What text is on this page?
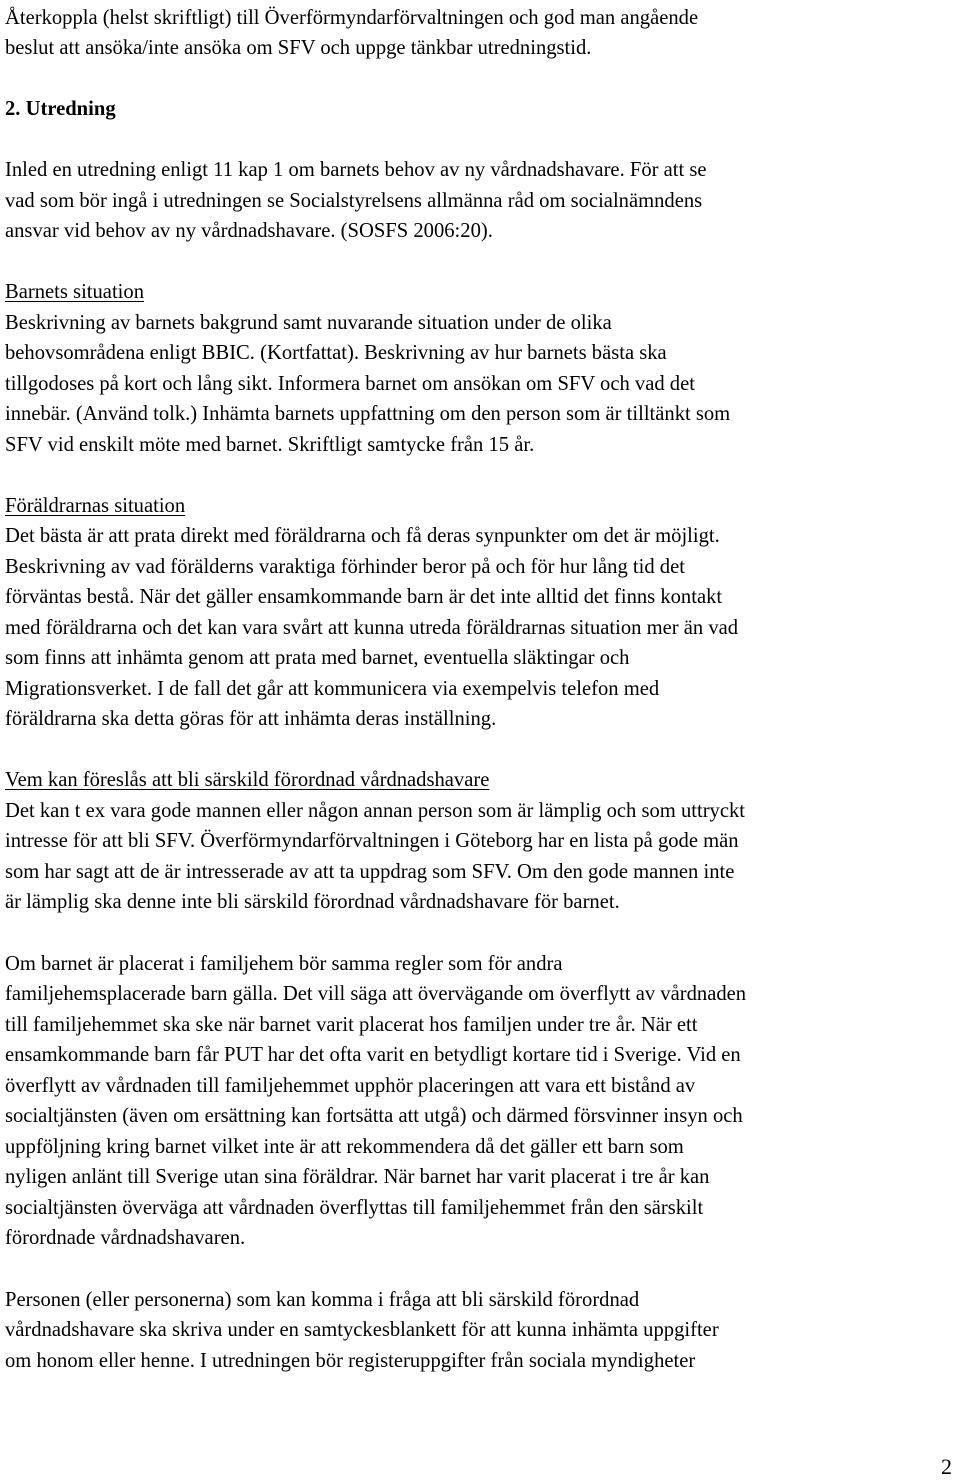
Återkoppla (helst skriftligt) till Överförmyndarförvaltningen och god man angående
beslut att ansöka/inte ansöka om SFV och uppge tänkbar utredningstid.
2. Utredning
Inled en utredning enligt 11 kap 1 om barnets behov av ny vårdnadshavare. För att se
vad som bör ingå i utredningen se Socialstyrelsens allmänna råd om socialnämndens
ansvar vid behov av ny vårdnadshavare. (SOSFS 2006:20).
Barnets situation
Beskrivning av barnets bakgrund samt nuvarande situation under de olika
behovsområdena enligt BBIC. (Kortfattat). Beskrivning av hur barnets bästa ska
tillgodoses på kort och lång sikt. Informera barnet om ansökan om SFV och vad det
innebär. (Använd tolk.) Inhämta barnets uppfattning om den person som är tilltänkt som
SFV vid enskilt möte med barnet. Skriftligt samtycke från 15 år.
Föräldrarnas situation
Det bästa är att prata direkt med föräldrarna och få deras synpunkter om det är möjligt.
Beskrivning av vad förälderns varaktiga förhinder beror på och för hur lång tid det
förväntas bestå. När det gäller ensamkommande barn är det inte alltid det finns kontakt
med föräldrarna och det kan vara svårt att kunna utreda föräldrarnas situation mer än vad
som finns att inhämta genom att prata med barnet, eventuella släktingar och
Migrationsverket. I de fall det går att kommunicera via exempelvis telefon med
föräldrarna ska detta göras för att inhämta deras inställning.
Vem kan föreslås att bli särskild förordnad vårdnadshavare
Det kan t ex vara gode mannen eller någon annan person som är lämplig och som uttryckt
intresse för att bli SFV. Överförmyndarförvaltningen i Göteborg har en lista på gode män
som har sagt att de är intresserade av att ta uppdrag som SFV. Om den gode mannen inte
är lämplig ska denne inte bli särskild förordnad vårdnadshavare för barnet.
Om barnet är placerat i familjehem bör samma regler som för andra
familjehemsplacerade barn gälla. Det vill säga att övervägande om överflytt av vårdnaden
till familjehemmet ska ske när barnet varit placerat hos familjen under tre år. När ett
ensamkommande barn får PUT har det ofta varit en betydligt kortare tid i Sverige. Vid en
överflytt av vårdnaden till familjehemmet upphör placeringen att vara ett bistånd av
socialtjänsten (även om ersättning kan fortsätta att utgå) och därmed försvinner insyn och
uppföljning kring barnet vilket inte är att rekommendera då det gäller ett barn som
nyligen anlänt till Sverige utan sina föräldrar. När barnet har varit placerat i tre år kan
socialtjänsten överväga att vårdnaden överflyttas till familjehemmet från den särskilt
förordnade vårdnadshavaren.
Personen (eller personerna) som kan komma i fråga att bli särskild förordnad
vårdnadshavare ska skriva under en samtyckesblankett för att kunna inhämta uppgifter
om honom eller henne. I utredningen bör registeruppgifter från sociala myndigheter
2
